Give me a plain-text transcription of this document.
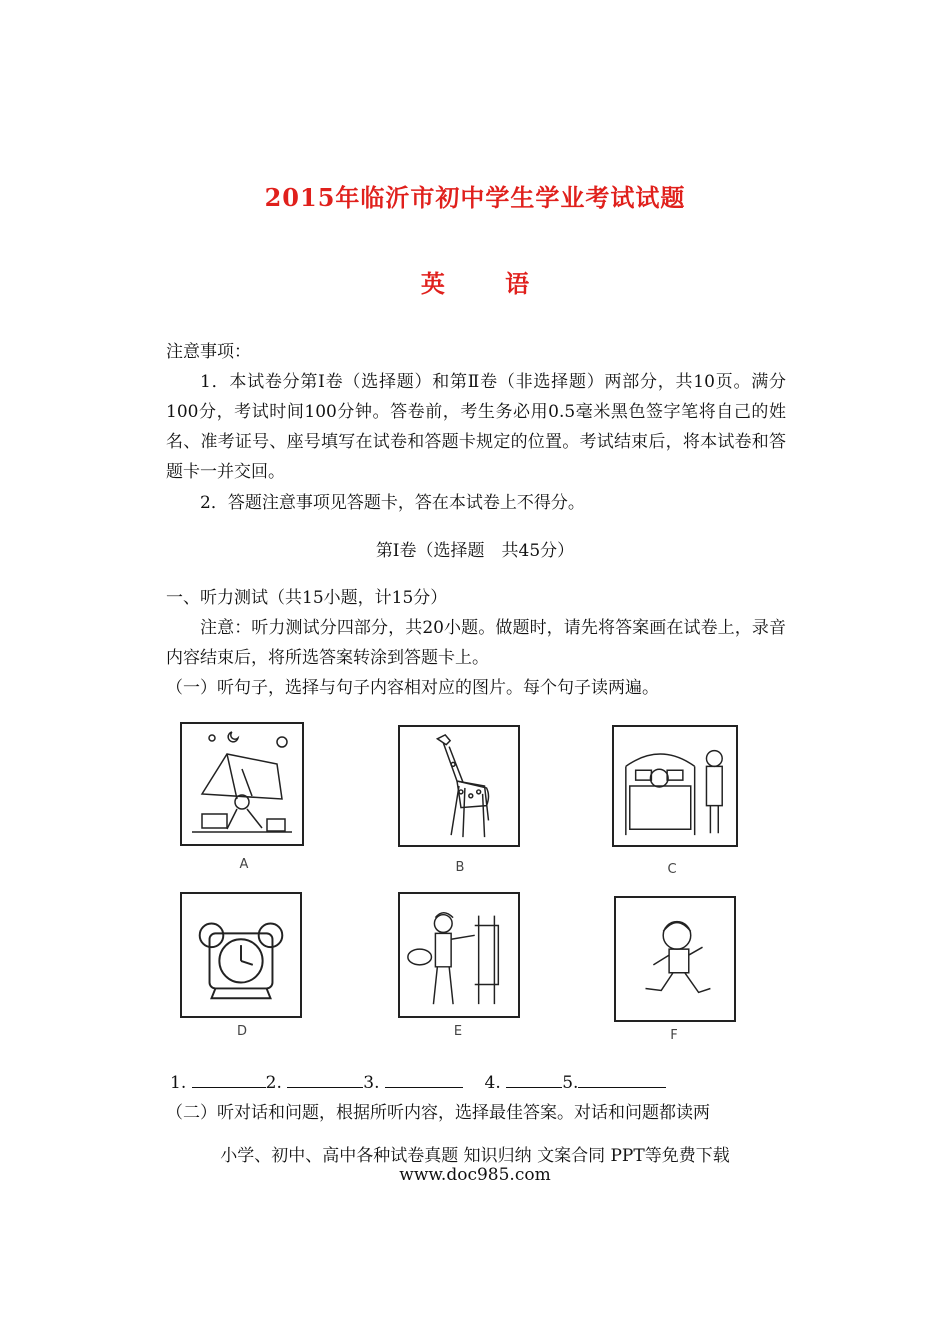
2015年临沂市初中学生学业考试试题
英 语
注意事项：
1．本试卷分第Ⅰ卷（选择题）和第Ⅱ卷（非选择题）两部分，共10页。满分100分，考试时间100分钟。答卷前，考生务必用0.5毫米黑色签字笔将自己的姓名、准考证号、座号填写在试卷和答题卡规定的位置。考试结束后，将本试卷和答题卡一并交回。
2．答题注意事项见答题卡，答在本试卷上不得分。
第Ⅰ卷（选择题　共45分）
一、听力测试（共15小题，计15分）
注意：听力测试分四部分，共20小题。做题时，请先将答案画在试卷上，录音内容结束后，将所选答案转涂到答题卡上。
（一）听句子，选择与句子内容相对应的图片。每个句子读两遍。
A	B	C
D	E	F
1.	2.	3.	4.	5.
（二）听对话和问题，根据所听内容，选择最佳答案。对话和问题都读两
小学、初中、高中各种试卷真题 知识归纳 文案合同 PPT等免费下载
www.doc985.com
